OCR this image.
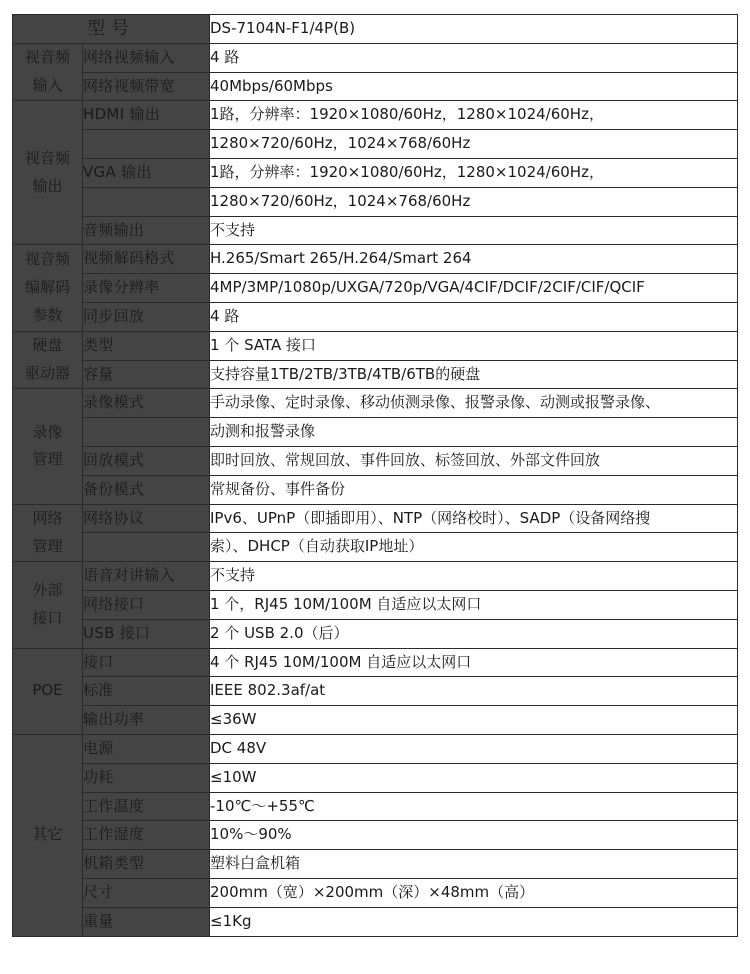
型号		DS-7104N-F1/4P(B)

视音频
输入	网络视频输入	4 路
	网络视频带宽	40Mbps/60Mbps

视音频
输出	HDMI 输出	1路，分辨率：1920×1080/60Hz，1280×1024/60Hz，
		1280×720/60Hz，1024×768/60Hz
	VGA 输出	1路，分辨率：1920×1080/60Hz，1280×1024/60Hz，
		1280×720/60Hz，1024×768/60Hz
	音频输出	不支持

视音频
编解码
参数	视频解码格式	H.265/Smart 265/H.264/Smart 264
	录像分辨率	4MP/3MP/1080p/UXGA/720p/VGA/4CIF/DCIF/2CIF/CIF/QCIF
	同步回放	4 路

硬盘
驱动器	类型	1 个 SATA 接口
	容量	支持容量1TB/2TB/3TB/4TB/6TB的硬盘

录像
管理	录像模式	手动录像、定时录像、移动侦测录像、报警录像、动测或报警录像、
		动测和报警录像
	回放模式	即时回放、常规回放、事件回放、标签回放、外部文件回放
	备份模式	常规备份、事件备份

网络
管理	网络协议	IPv6、UPnP（即插即用）、NTP（网络校时）、SADP（设备网络搜
		索）、DHCP（自动获取IP地址）

外部
接口	语音对讲输入	不支持
	网络接口	1 个，RJ45 10M/100M 自适应以太网口
	USB 接口	2 个 USB 2.0（后）

POE	接口	4 个 RJ45 10M/100M 自适应以太网口
	标准	IEEE 802.3af/at
	输出功率	≤36W

其它	电源	DC 48V
	功耗	≤10W
	工作温度	-10℃～+55℃
	工作湿度	10%～90%
	机箱类型	塑料白盒机箱
	尺寸	200mm（宽）×200mm（深）×48mm（高）
	重量	≤1Kg
